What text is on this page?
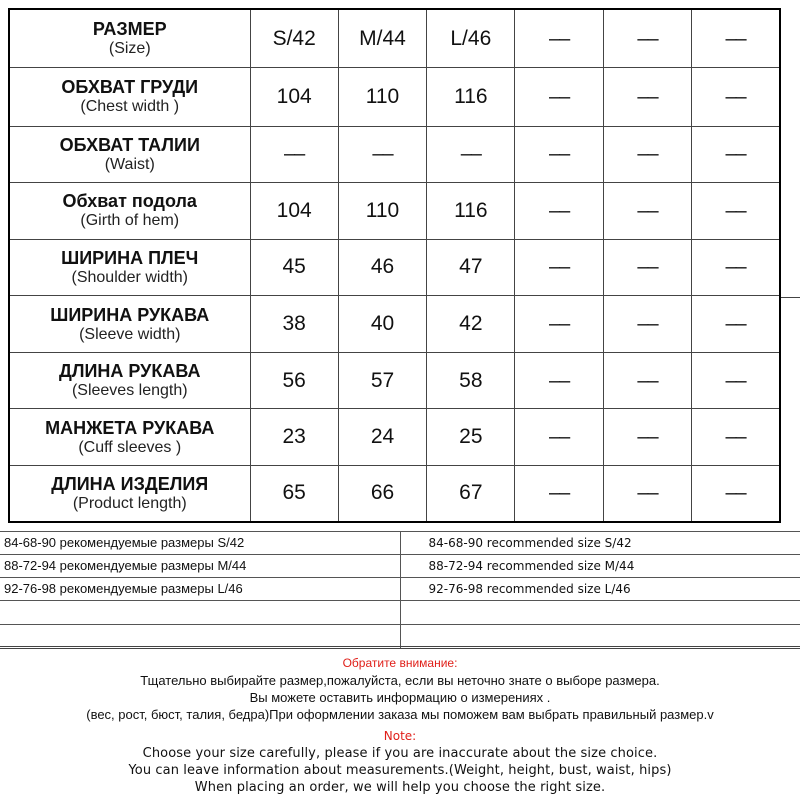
РАЗМЕР
(Size)	S/42	M/44	L/46	––	––	––

ОБХВАТ ГРУДИ
(Chest width )	104	110	116	––	––	––

ОБХВАТ ТАЛИИ
(Waist)	––	––	––	––	––	––

Обхват подола
(Girth of hem)	104	110	116	––	––	––

ШИРИНА ПЛЕЧ
(Shoulder width)	45	46	47	––	––	––

ШИРИНА РУКАВА
(Sleeve width)	38	40	42	––	––	––

ДЛИНА РУКАВА
(Sleeves length)	56	57	58	––	––	––

МАНЖЕТА РУКАВА
(Cuff sleeves )	23	24	25	––	––	––

ДЛИНА ИЗДЕЛИЯ
(Product length)	65	66	67	––	––	––
84-68-90 рекомендуемые размеры S/42	84-68-90 recommended size S/42
88-72-94 рекомендуемые размеры M/44	88-72-94 recommended size M/44
92-76-98 рекомендуемые размеры L/46	92-76-98 recommended size L/46

Обратите внимание:
Тщательно выбирайте размер,пожалуйста, если вы неточно знате о выборе размера.
Вы можете оставить информацию о измерениях .
(вес, рост, бюст, талия, бедра)При оформлении заказа мы поможем вам выбрать правильный размер.v
Note:
Choose your size carefully, please if you are inaccurate about the size choice.
You can leave information about measurements.(Weight, height, bust, waist, hips)
When placing an order, we will help you choose the right size.
